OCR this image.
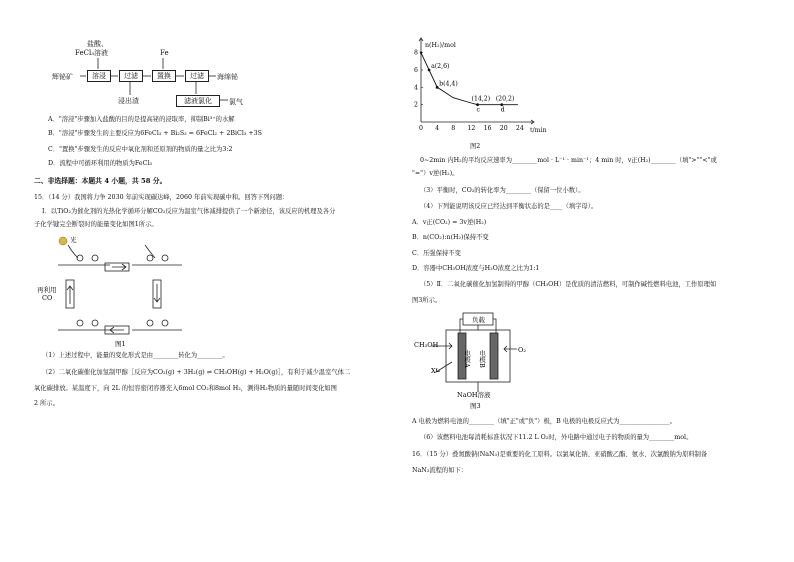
盐酸、
FeCl₃溶液	Fe
辉铋矿	溶浸	过滤	置换	过滤	海绵铋
浸出渣	滤液氯化	氯气
A．"溶浸"步骤加入盐酸的目的是提高铋的浸取率，抑制Bi³⁺的水解
B．"溶浸"步骤发生的主要反应为6FeCl₃ + Bi₂S₃ = 6FeCl₂ + 2BiCl₃ +3S
C．"置换"步骤发生的反应中氧化剂和还原剂的物质的量之比为3:2
D．流程中可循环利用的物质为FeCl₃
二、非选择题：本题共 4 小题，共 58 分。
15．（14 分）我国将力争 2030 年前实现碳达峰，2060 年前实现碳中和。回答下列问题：
Ⅰ．以TiO₂为催化剂的光热化学循环分解CO₂反应为温室气体减排提供了一个新途径，该反应的机理及各分
子化学键完全断裂时的能量变化如图1所示。
光
再利用
CO
图1
（1）上述过程中，能量的变化形式是由________转化为________。
（2）二氧化碳催化加氢制甲醇［反应为CO₂(g) + 3H₂(g) ⇌ CH₃OH(g) + H₂O(g)］，有利于减少温室气体二
氧化碳排放。某温度下，向 2L 的恒容密闭容器充入6mol CO₂和8mol H₂，测得H₂物质的量随时间变化如图
2 所示。
0 4 8 12 16 20 24
2
4
6
8
a(2,6)
b(4,4)
(14,2) (20,2)
c	d
n(H₂)/mol
t/min
图2
0~2min 内H₂的平均反应速率为________mol · L⁻¹ · min⁻¹；4 min 时，v正(H₂)________（填">""<"或
"="）v逆(H₂)。
（3）平衡时，CO₂的转化率为________（保留一位小数）。
（4）下列能说明该反应已经达到平衡状态的是____（填字母）。
A．v正(CO₂) = 3v逆(H₂)
B．n(CO₂):n(H₂)保持不变
C．压强保持不变
D．容器中CH₃OH浓度与H₂O浓度之比为1:1
（5）Ⅱ．二氧化碳催化加氢制得的甲醇（CH₃OH）是优质的清洁燃料，可制作碱性燃料电池，工作原理如
图3所示。
负载
CH₃OH
O₂
X
电极A 电极B
NaOH溶液
图3
A 电极为燃料电池的________（填"正"或"负"）极，B 电极的电极反应式为________________。
（6）该燃料电池每消耗标准状况下11.2 L O₂时，外电路中通过电子的物质的量为________mol。
16．（15 分）叠氮酸钠(NaN₃)是重要的化工原料。以氯氧化钠、亚硝酸乙酯、氨水、次氯酸钠为原料制备
NaN₃流程的如下：
